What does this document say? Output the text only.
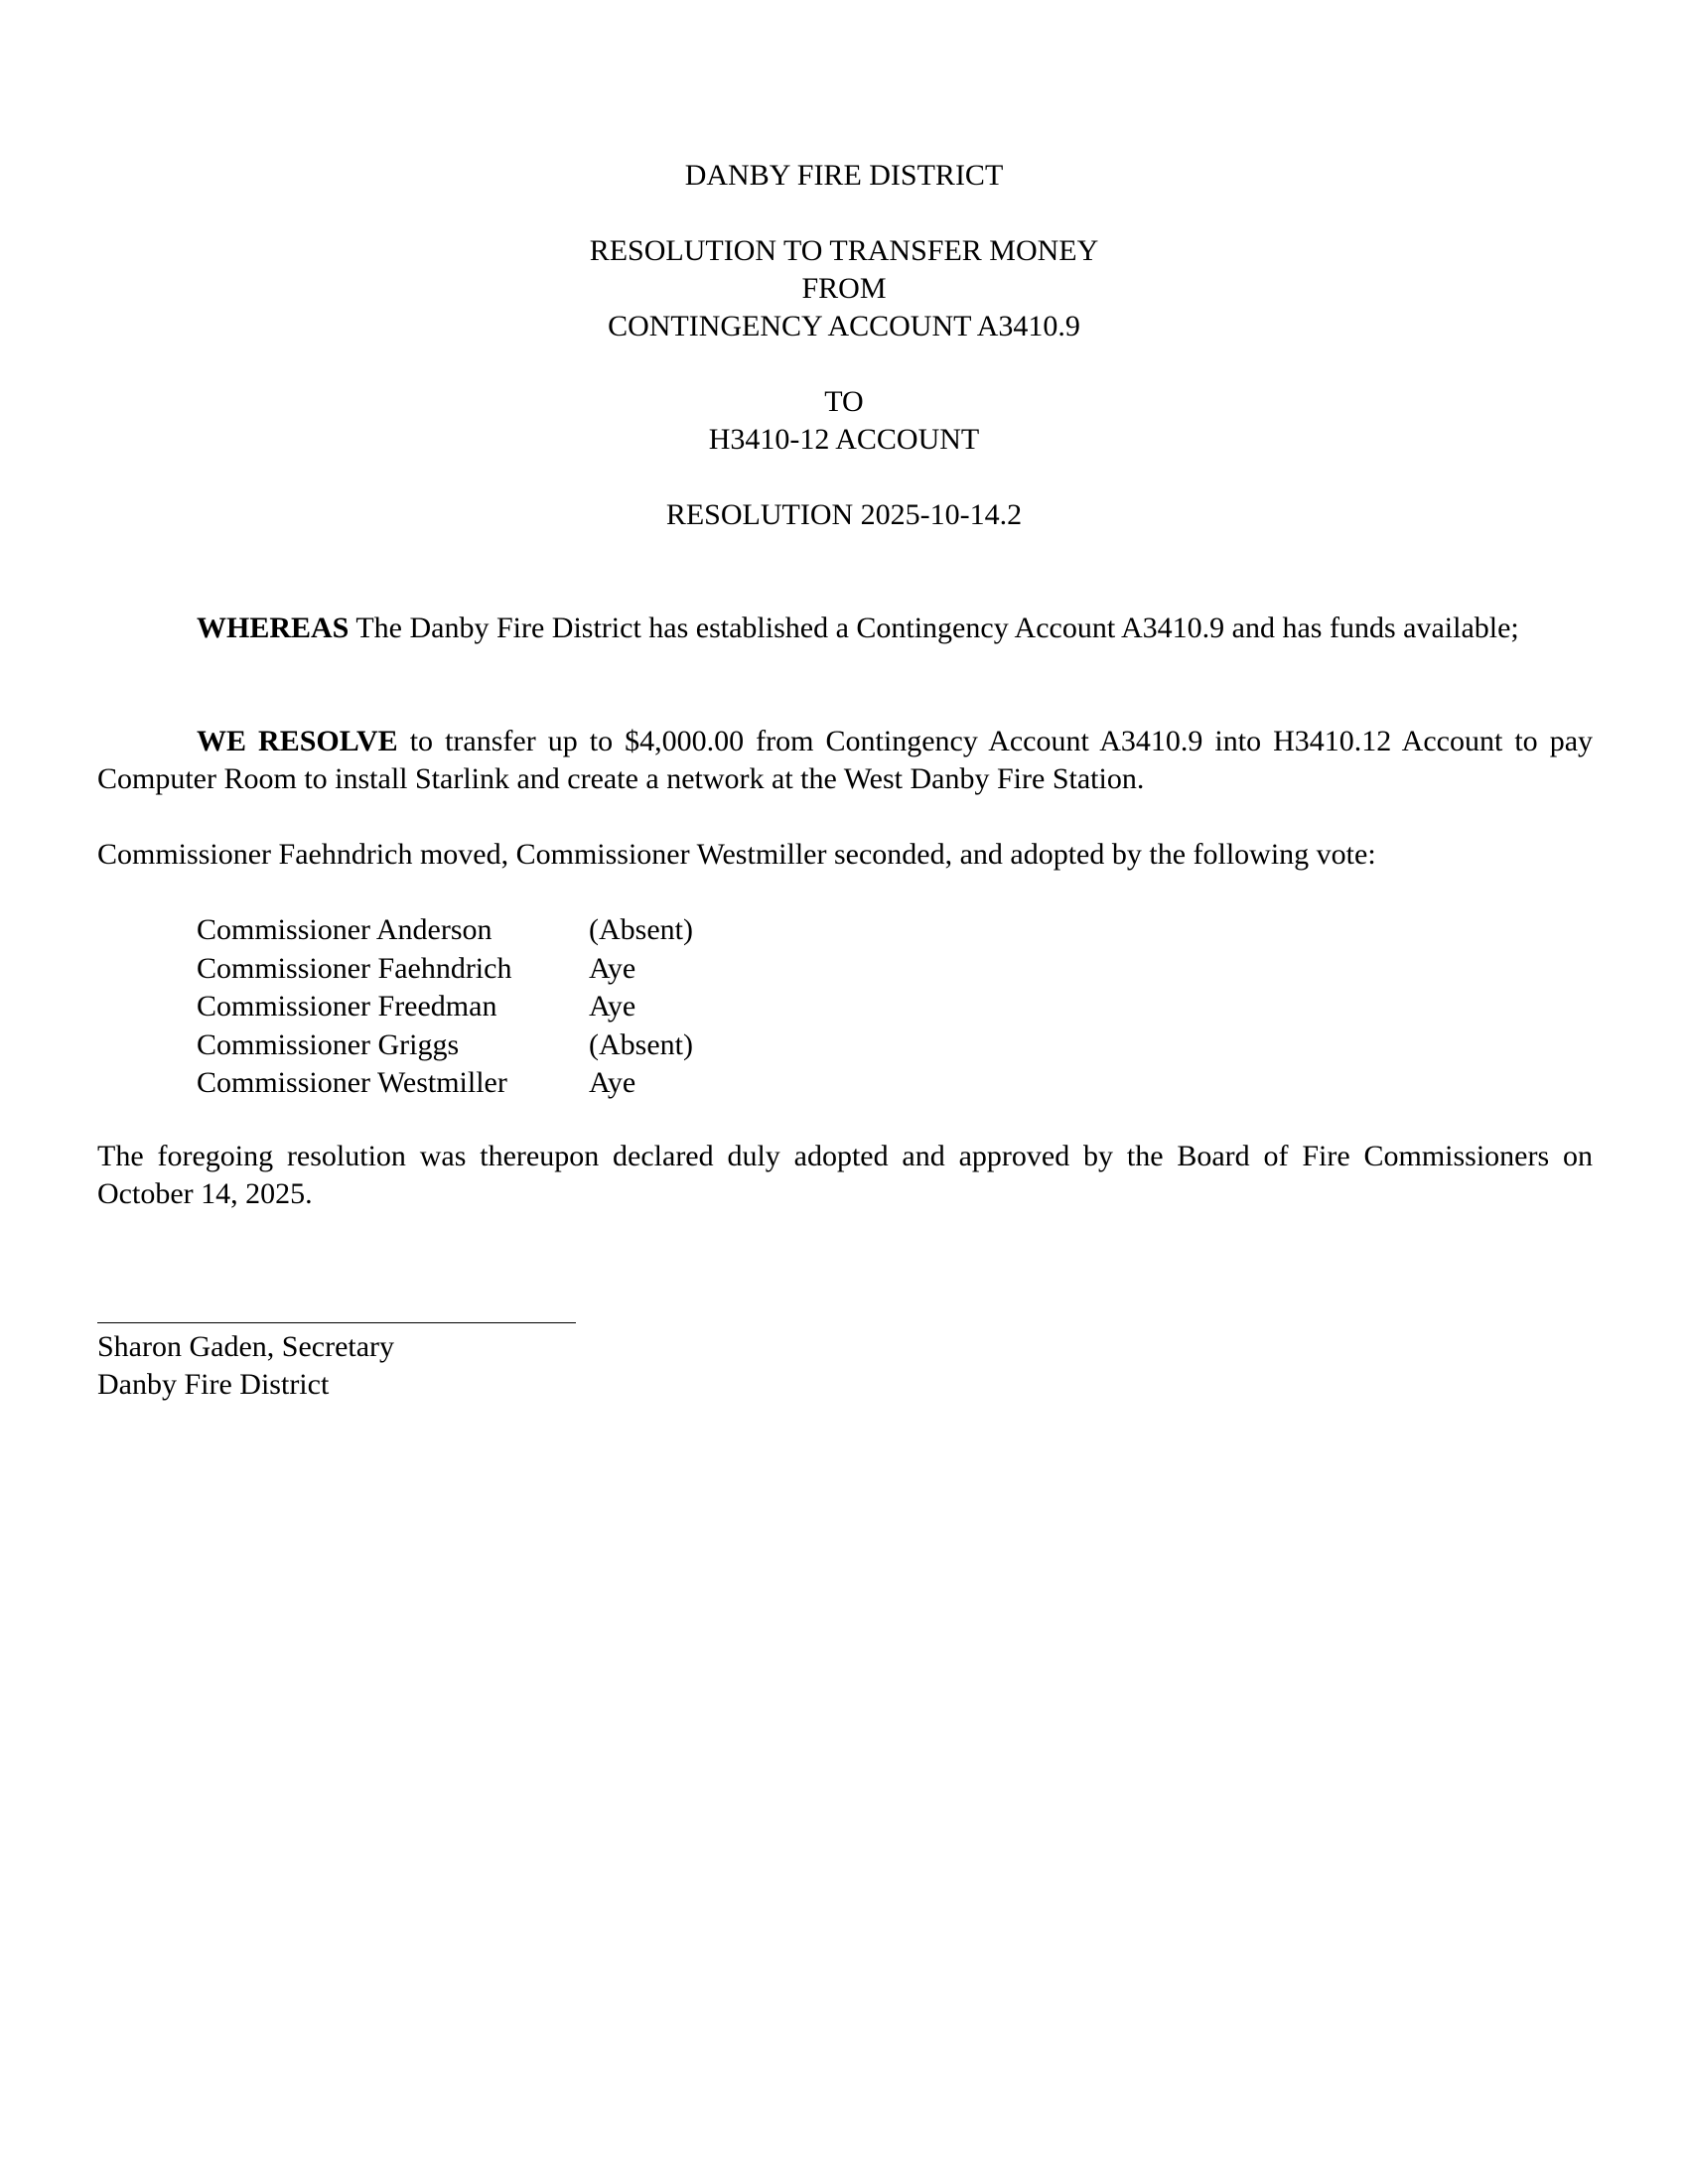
DANBY FIRE DISTRICT
RESOLUTION TO TRANSFER MONEY
FROM
CONTINGENCY ACCOUNT A3410.9
TO
H3410-12 ACCOUNT
RESOLUTION 2025-10-14.2
WHEREAS The Danby Fire District has established a Contingency Account A3410.9 and has funds available;
WE RESOLVE to transfer up to $4,000.00 from Contingency Account A3410.9 into H3410.12 Account to pay Computer Room to install Starlink and create a network at the West Danby Fire Station.
Commissioner Faehndrich moved, Commissioner Westmiller seconded, and adopted by the following vote:
Commissioner Anderson	(Absent)
Commissioner Faehndrich	Aye
Commissioner Freedman	Aye
Commissioner Griggs	(Absent)
Commissioner Westmiller	Aye
The foregoing resolution was thereupon declared duly adopted and approved by the Board of Fire Commissioners on October 14, 2025.
Sharon Gaden, Secretary
Danby Fire District
